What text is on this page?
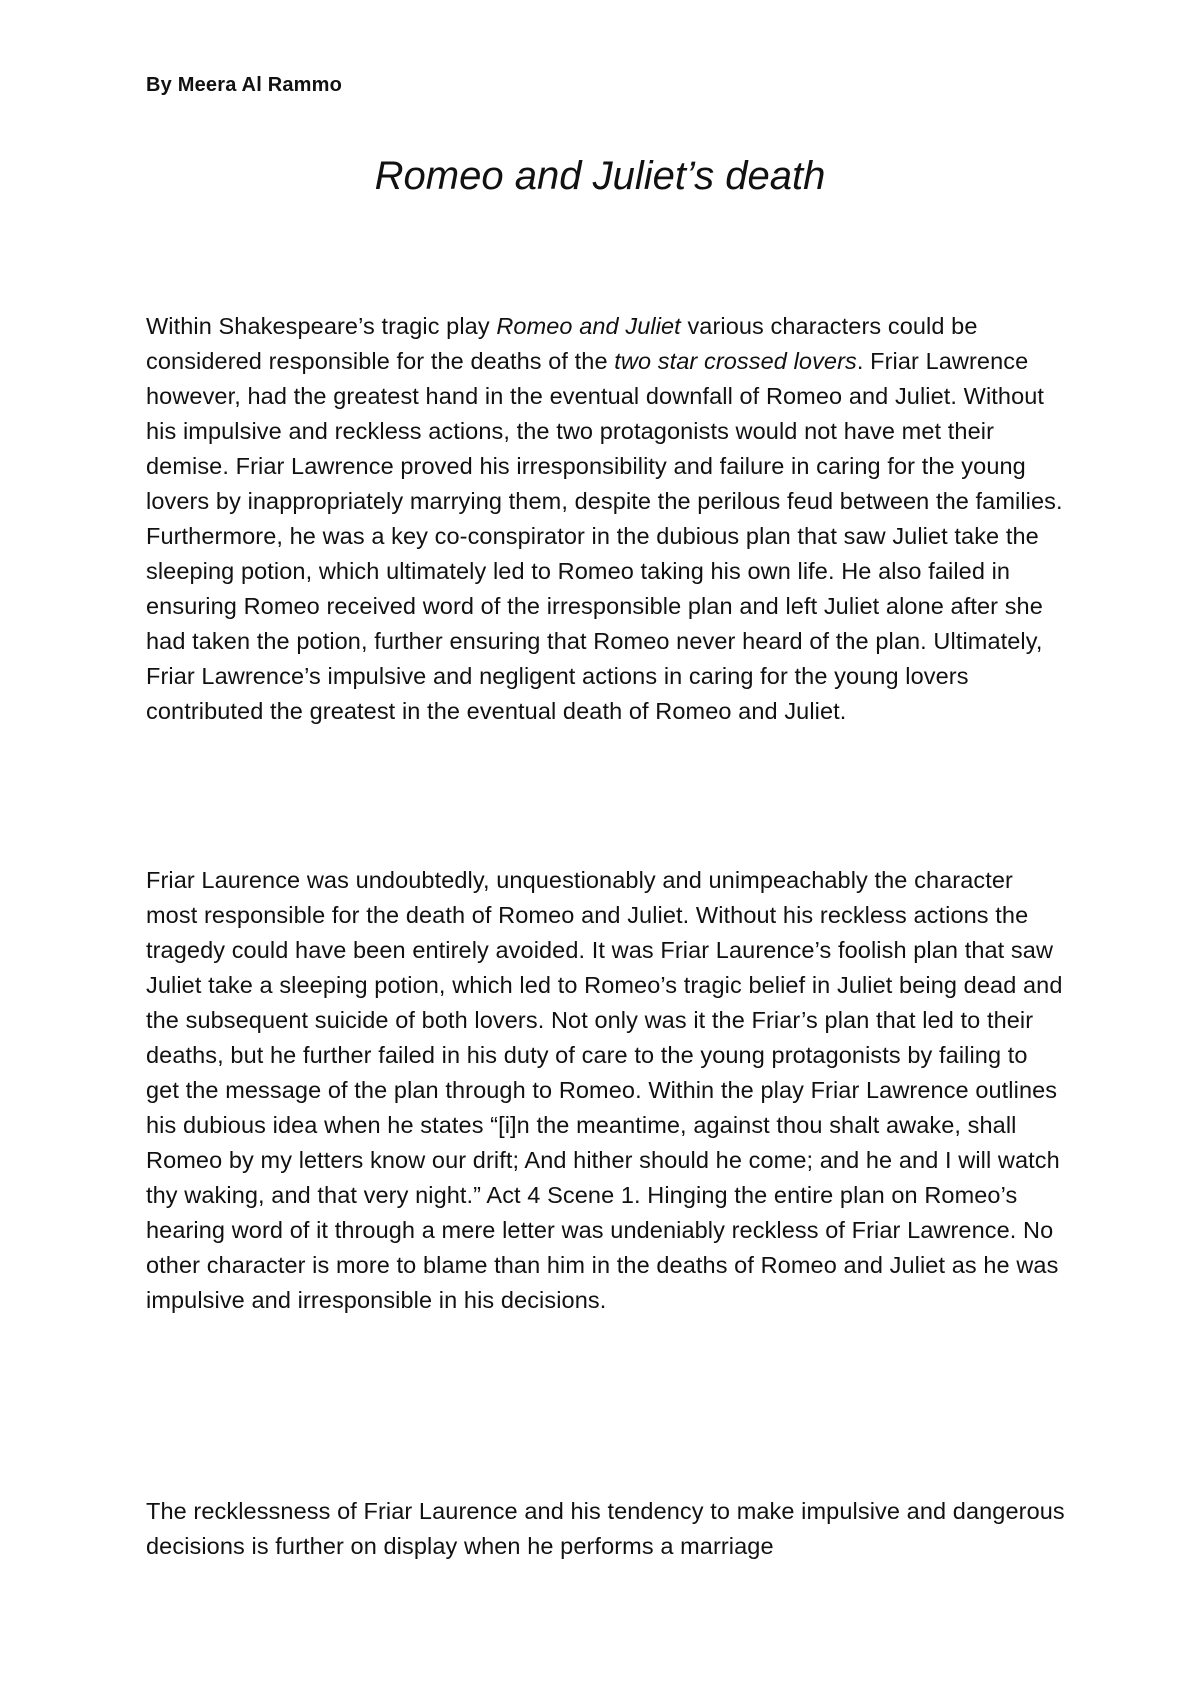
By Meera Al Rammo
Romeo and Juliet’s death

Within Shakespeare’s tragic play Romeo and Juliet various characters could be considered responsible for the deaths of the two star crossed lovers. Friar Lawrence however, had the greatest hand in the eventual downfall of Romeo and Juliet. Without his impulsive and reckless actions, the two protagonists would not have met their demise. Friar Lawrence proved his irresponsibility and failure in caring for the young lovers by inappropriately marrying them, despite the perilous feud between the families. Furthermore, he was a key co-conspirator in the dubious plan that saw Juliet take the sleeping potion, which ultimately led to Romeo taking his own life. He also failed in ensuring Romeo received word of the irresponsible plan and left Juliet alone after she had taken the potion, further ensuring that Romeo never heard of the plan. Ultimately, Friar Lawrence’s impulsive and negligent actions in caring for the young lovers contributed the greatest in the eventual death of Romeo and Juliet.

Friar Laurence was undoubtedly, unquestionably and unimpeachably the character most responsible for the death of Romeo and Juliet. Without his reckless actions the tragedy could have been entirely avoided. It was Friar Laurence’s foolish plan that saw Juliet take a sleeping potion, which led to Romeo’s tragic belief in Juliet being dead and the subsequent suicide of both lovers. Not only was it the Friar’s plan that led to their deaths, but he further failed in his duty of care to the young protagonists by failing to get the message of the plan through to Romeo. Within the play Friar Lawrence outlines his dubious idea when he states “[i]n the meantime, against thou shalt awake, shall Romeo by my letters know our drift; And hither should he come; and he and I will watch thy waking, and that very night.” Act 4 Scene 1. Hinging the entire plan on Romeo’s hearing word of it through a mere letter was undeniably reckless of Friar Lawrence. No other character is more to blame than him in the deaths of Romeo and Juliet as he was impulsive and irresponsible in his decisions.

The recklessness of Friar Laurence and his tendency to make impulsive and dangerous decisions is further on display when he performs a marriage
